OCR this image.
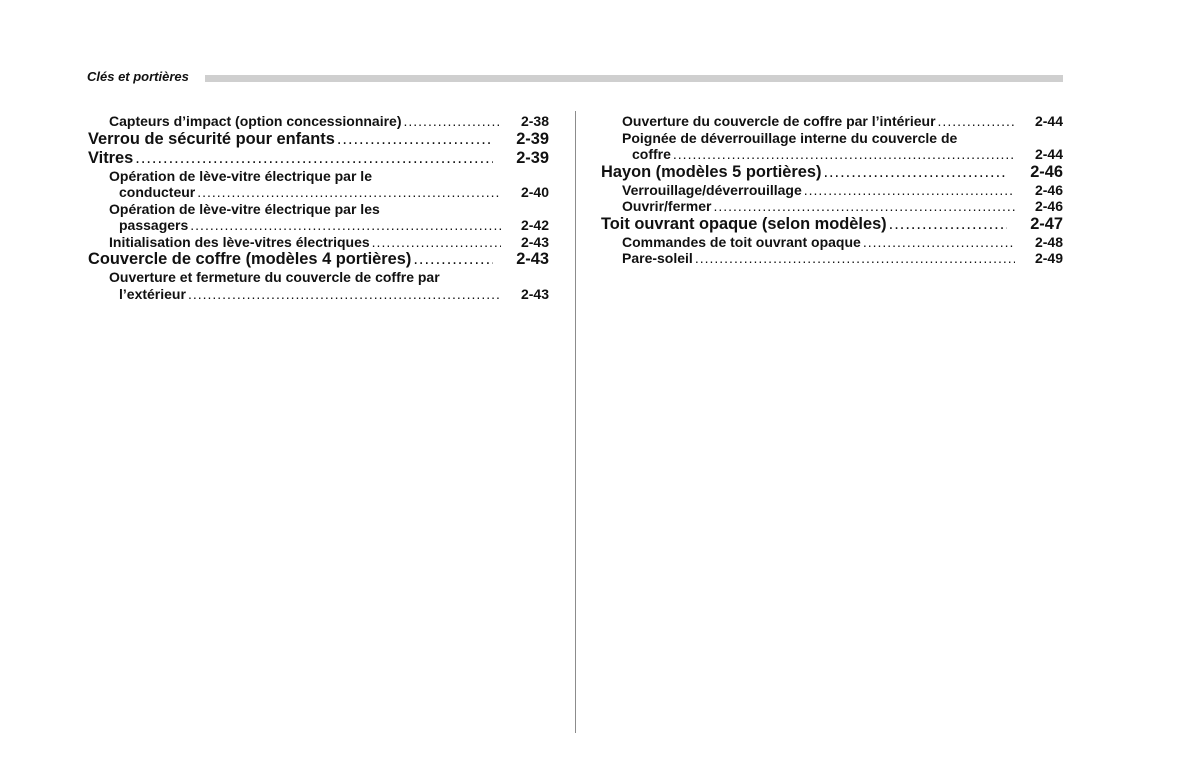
Clés et portières
Capteurs d’impact (option concessionnaire) .....	2-38
Verrou de sécurité pour enfants .....	2-39
Vitres .....	2-39
Opération de lève-vitre électrique par le
conducteur .....	2-40
Opération de lève-vitre électrique par les
passagers .....	2-42
Initialisation des lève-vitres électriques .....	2-43
Couvercle de coffre (modèles 4 portières) .....	2-43
Ouverture et fermeture du couvercle de coffre par
l’extérieur .....	2-43
Ouverture du couvercle de coffre par l’intérieur .....	2-44
Poignée de déverrouillage interne du couvercle de
coffre .....	2-44
Hayon (modèles 5 portières) .....	2-46
Verrouillage/déverrouillage .....	2-46
Ouvrir/fermer .....	2-46
Toit ouvrant opaque (selon modèles) .....	2-47
Commandes de toit ouvrant opaque .....	2-48
Pare-soleil .....	2-49
